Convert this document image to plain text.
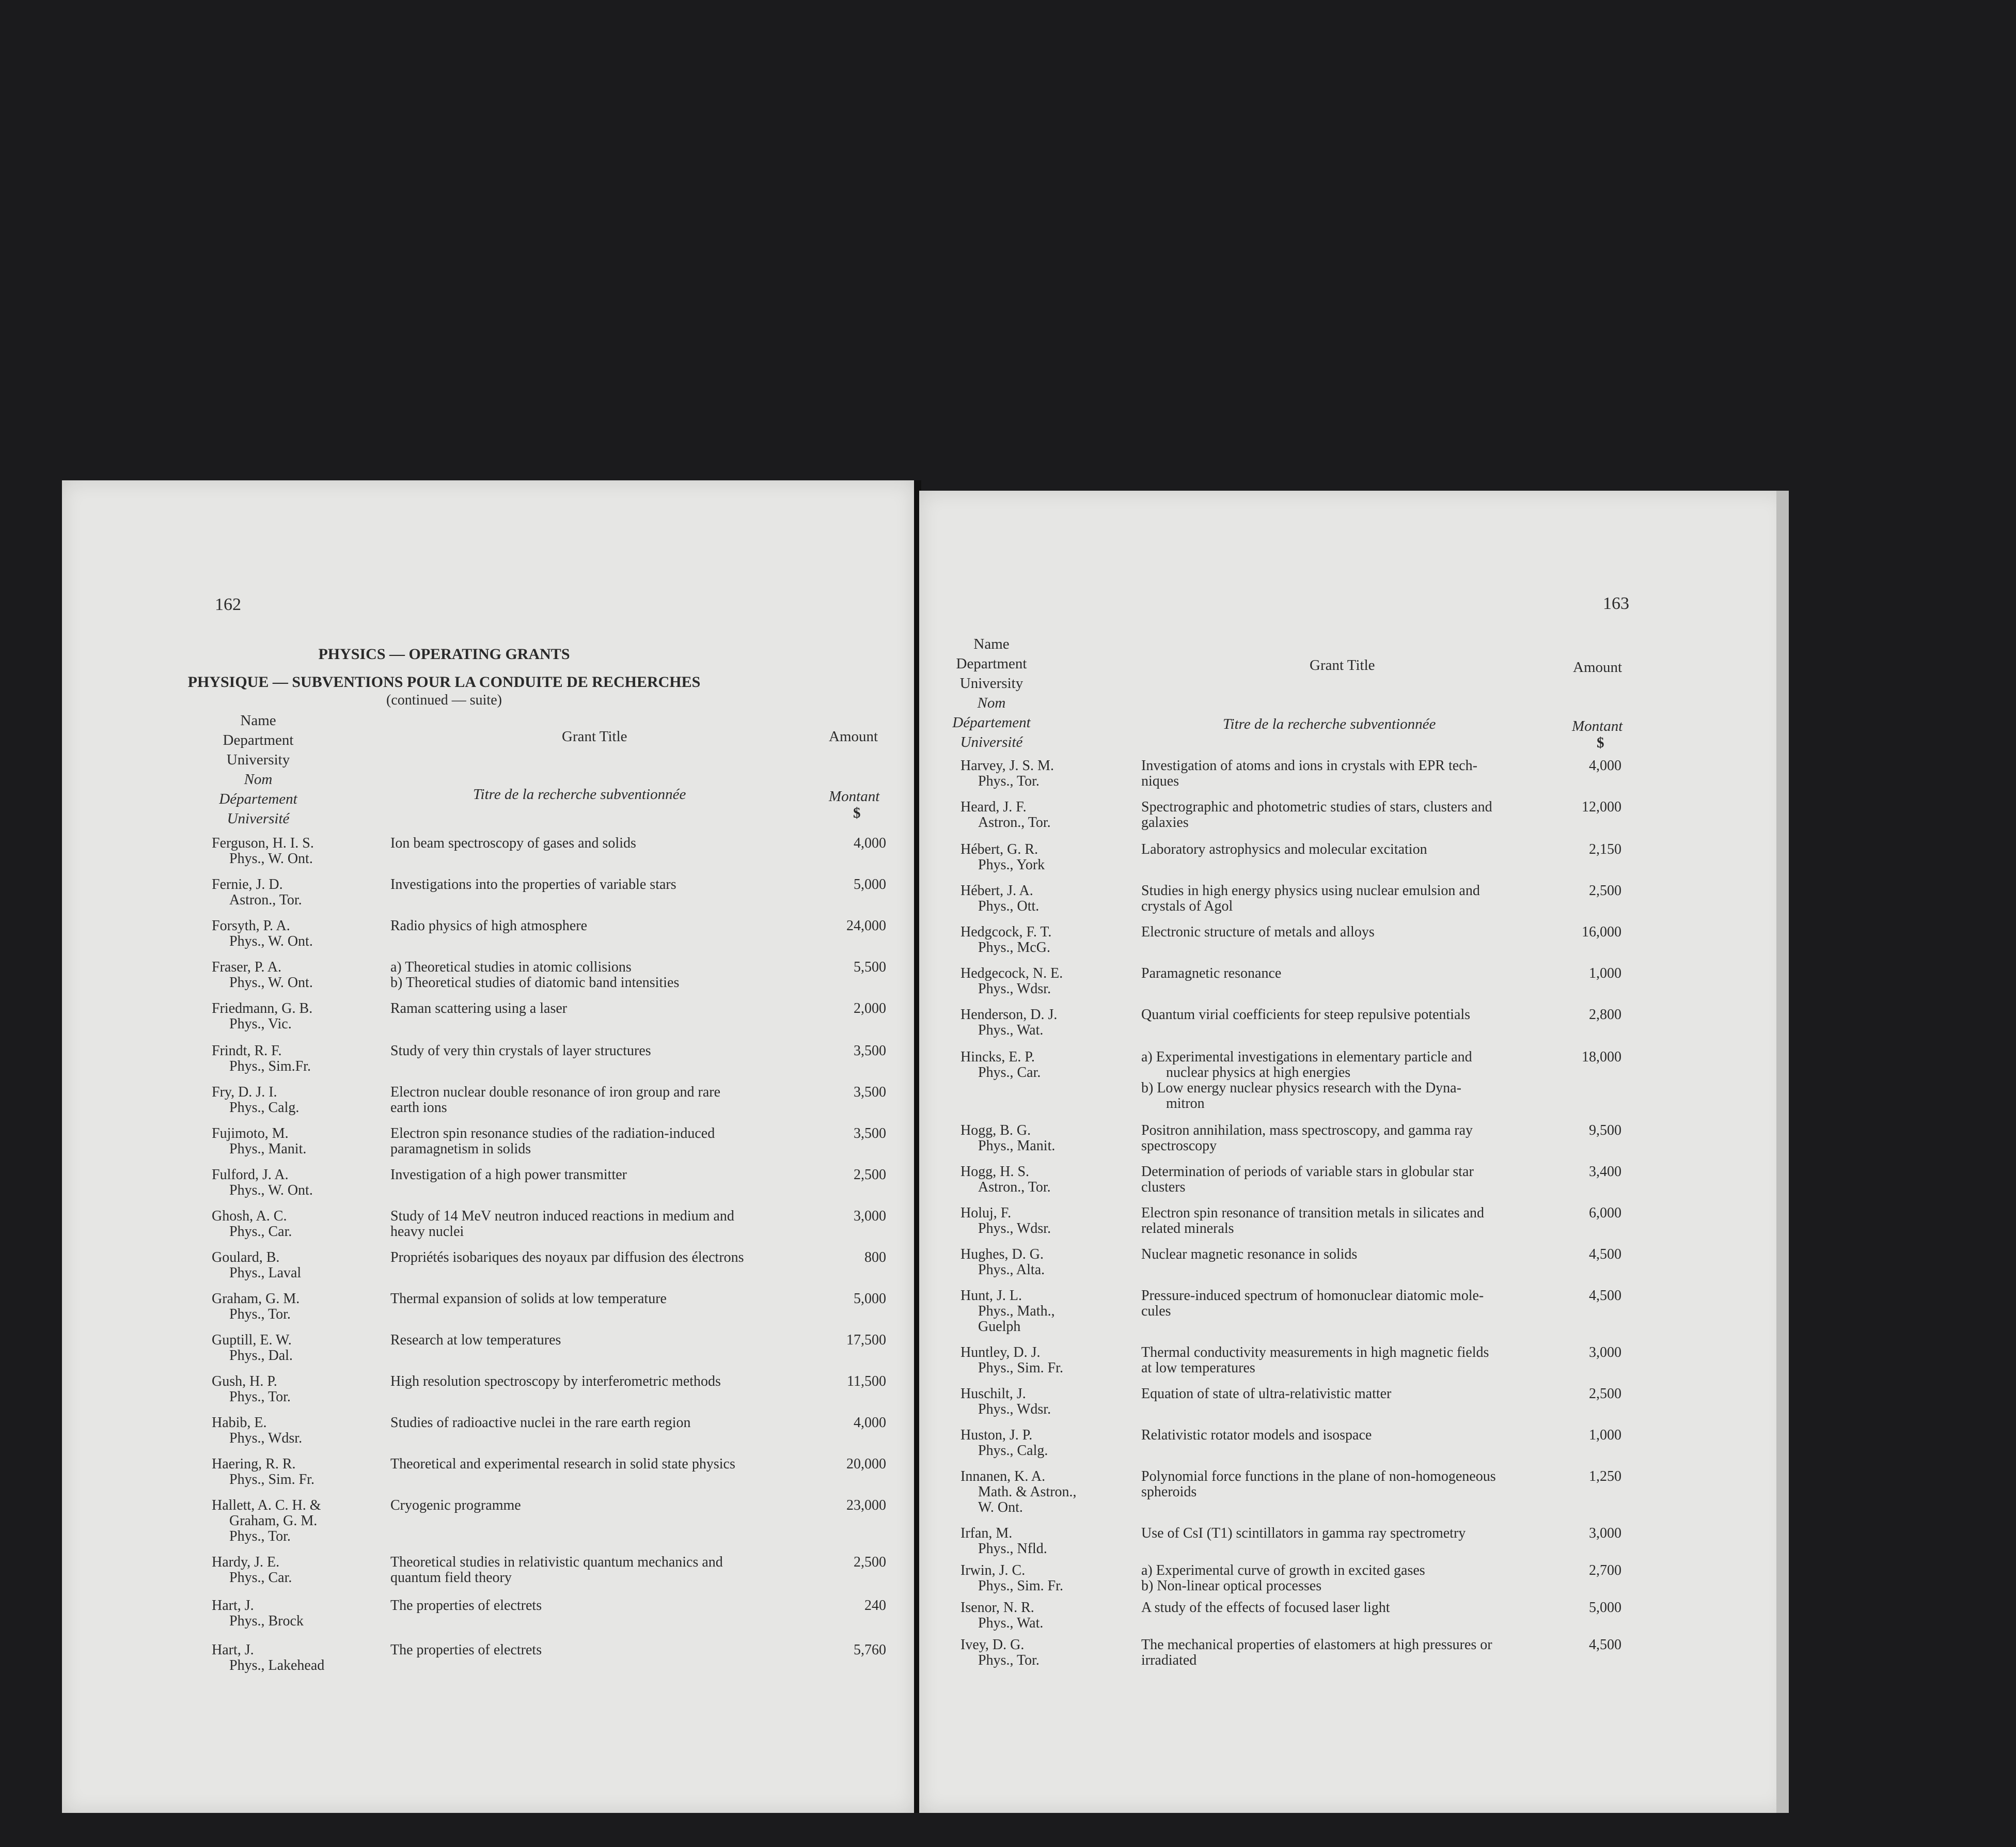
162
PHYSICS — OPERATING GRANTS
PHYSIQUE — SUBVENTIONS POUR LA CONDUITE DE RECHERCHES
(continued — suite)
Name
Department
University
Nom
Département
Université
Grant Title
Titre de la recherche subventionnée
Amount
Montant
$
Ferguson, H. I. S.
Phys., W. Ont.
Ion beam spectroscopy of gases and solids	4,000
Fernie, J. D.
Astron., Tor.
Investigations into the properties of variable stars	5,000
Forsyth, P. A.
Phys., W. Ont.
Radio physics of high atmosphere	24,000
Fraser, P. A.
Phys., W. Ont.
a) Theoretical studies in atomic collisions
b) Theoretical studies of diatomic band intensities
5,500
Friedmann, G. B.
Phys., Vic.
Raman scattering using a laser	2,000
Frindt, R. F.
Phys., Sim.Fr.
Study of very thin crystals of layer structures	3,500
Fry, D. J. I.
Phys., Calg.
Electron nuclear double resonance of iron group and rare
earth ions
3,500
Fujimoto, M.
Phys., Manit.
Electron spin resonance studies of the radiation-induced
paramagnetism in solids
3,500
Fulford, J. A.
Phys., W. Ont.
Investigation of a high power transmitter	2,500
Ghosh, A. C.
Phys., Car.
Study of 14 MeV neutron induced reactions in medium and
heavy nuclei
3,000
Goulard, B.
Phys., Laval
Propriétés isobariques des noyaux par diffusion des électrons	800
Graham, G. M.
Phys., Tor.
Thermal expansion of solids at low temperature	5,000
Guptill, E. W.
Phys., Dal.
Research at low temperatures	17,500
Gush, H. P.
Phys., Tor.
High resolution spectroscopy by interferometric methods	11,500
Habib, E.
Phys., Wdsr.
Studies of radioactive nuclei in the rare earth region	4,000
Haering, R. R.
Phys., Sim. Fr.
Theoretical and experimental research in solid state physics	20,000
Hallett, A. C. H. &
Graham, G. M.
Phys., Tor.
Cryogenic programme	23,000
Hardy, J. E.
Phys., Car.
Theoretical studies in relativistic quantum mechanics and
quantum field theory
2,500
Hart, J.
Phys., Brock
The properties of electrets	240
Hart, J.
Phys., Lakehead
The properties of electrets	5,760
163
Name
Department
University
Nom
Département
Université
Grant Title
Titre de la recherche subventionnée
Amount
Montant
$
Harvey, J. S. M.
Phys., Tor.
Investigation of atoms and ions in crystals with EPR tech-
niques
4,000
Heard, J. F.
Astron., Tor.
Spectrographic and photometric studies of stars, clusters and
galaxies
12,000
Hébert, G. R.
Phys., York
Laboratory astrophysics and molecular excitation	2,150
Hébert, J. A.
Phys., Ott.
Studies in high energy physics using nuclear emulsion and
crystals of Agol
2,500
Hedgcock, F. T.
Phys., McG.
Electronic structure of metals and alloys	16,000
Hedgecock, N. E.
Phys., Wdsr.
Paramagnetic resonance	1,000
Henderson, D. J.
Phys., Wat.
Quantum virial coefficients for steep repulsive potentials	2,800
Hincks, E. P.
Phys., Car.
a) Experimental investigations in elementary particle and
nuclear physics at high energies
b) Low energy nuclear physics research with the Dyna-
mitron
18,000
Hogg, B. G.
Phys., Manit.
Positron annihilation, mass spectroscopy, and gamma ray
spectroscopy
9,500
Hogg, H. S.
Astron., Tor.
Determination of periods of variable stars in globular star
clusters
3,400
Holuj, F.
Phys., Wdsr.
Electron spin resonance of transition metals in silicates and
related minerals
6,000
Hughes, D. G.
Phys., Alta.
Nuclear magnetic resonance in solids	4,500
Hunt, J. L.
Phys., Math.,
Guelph
Pressure-induced spectrum of homonuclear diatomic mole-
cules
4,500
Huntley, D. J.
Phys., Sim. Fr.
Thermal conductivity measurements in high magnetic fields
at low temperatures
3,000
Huschilt, J.
Phys., Wdsr.
Equation of state of ultra-relativistic matter	2,500
Huston, J. P.
Phys., Calg.
Relativistic rotator models and isospace	1,000
Innanen, K. A.
Math. & Astron.,
W. Ont.
Polynomial force functions in the plane of non-homogeneous
spheroids
1,250
Irfan, M.
Phys., Nfld.
Use of CsI (T1) scintillators in gamma ray spectrometry	3,000
Irwin, J. C.
Phys., Sim. Fr.
a) Experimental curve of growth in excited gases
b) Non-linear optical processes
2,700
Isenor, N. R.
Phys., Wat.
A study of the effects of focused laser light	5,000
Ivey, D. G.
Phys., Tor.
The mechanical properties of elastomers at high pressures or
irradiated
4,500
